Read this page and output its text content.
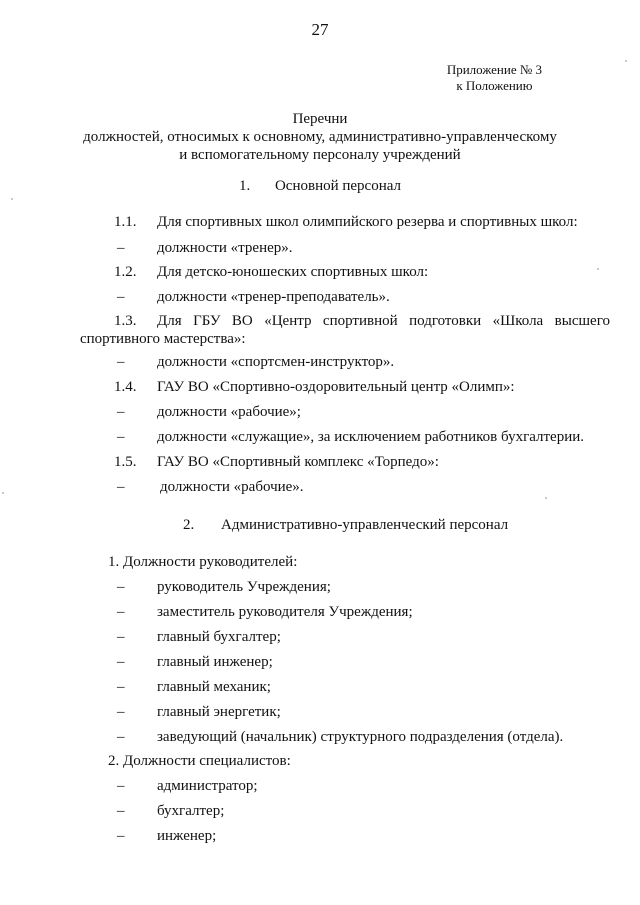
27
Приложение № 3
к Положению
Перечни
должностей, относимых к основному, административно-управленческому
и вспомогательному персоналу учреждений
1. Основной персонал
1.1. Для спортивных школ олимпийского резерва и спортивных школ:
– должности «тренер».
1.2. Для детско-юношеских спортивных школ:
– должности «тренер-преподаватель».
1.3. Для ГБУ ВО «Центр спортивной подготовки «Школа высшего
спортивного мастерства»:
– должности «спортсмен-инструктор».
1.4. ГАУ ВО «Спортивно-оздоровительный центр «Олимп»:
– должности «рабочие»;
– должности «служащие», за исключением работников бухгалтерии.
1.5. ГАУ ВО «Спортивный комплекс «Торпедо»:
– должности «рабочие».
2. Административно-управленческий персонал
1. Должности руководителей:
– руководитель Учреждения;
– заместитель руководителя Учреждения;
– главный бухгалтер;
– главный инженер;
– главный механик;
– главный энергетик;
– заведующий (начальник) структурного подразделения (отдела).
2. Должности специалистов:
– администратор;
– бухгалтер;
– инженер;
